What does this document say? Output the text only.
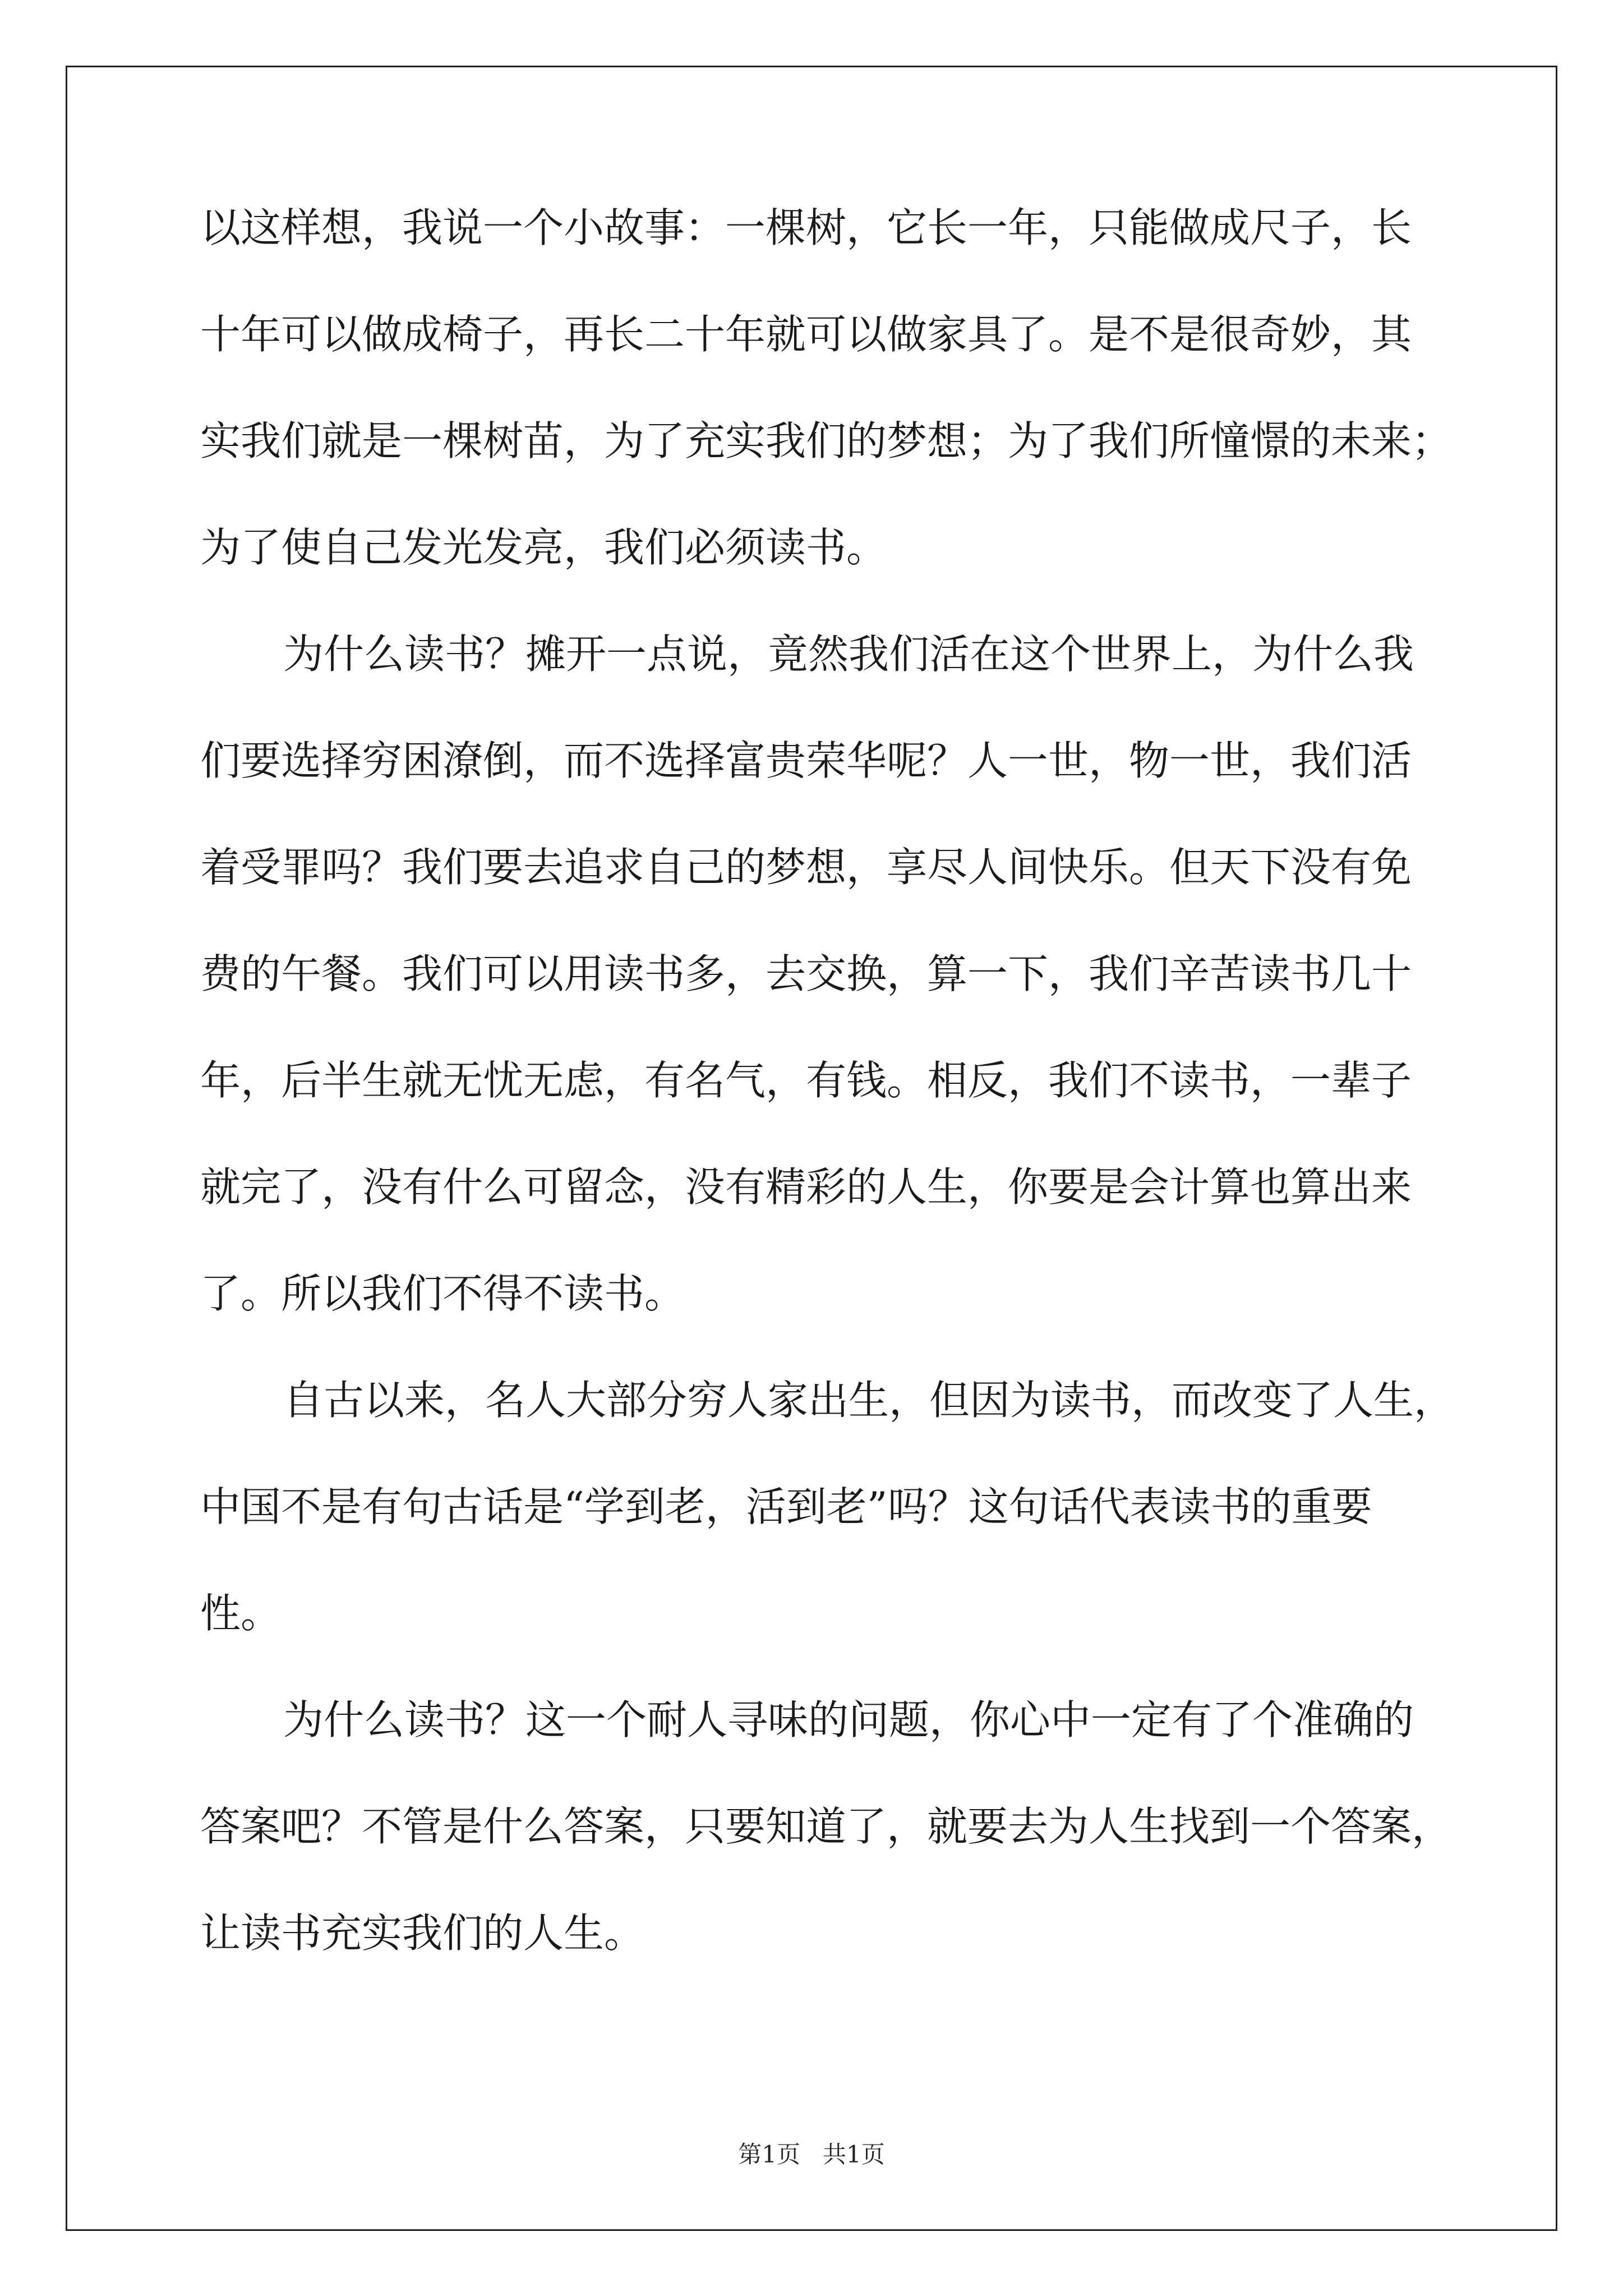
以这样想，我说一个小故事：一棵树，它长一年，只能做成尺子，长
十年可以做成椅子，再长二十年就可以做家具了。是不是很奇妙，其
实我们就是一棵树苗，为了充实我们的梦想；为了我们所憧憬的未来；
为了使自己发光发亮，我们必须读书。
为什么读书？摊开一点说，竟然我们活在这个世界上，为什么我
们要选择穷困潦倒，而不选择富贵荣华呢？人一世，物一世，我们活
着受罪吗？我们要去追求自己的梦想，享尽人间快乐。但天下没有免
费的午餐。我们可以用读书多，去交换，算一下，我们辛苦读书几十
年，后半生就无忧无虑，有名气，有钱。相反，我们不读书，一辈子
就完了，没有什么可留念，没有精彩的人生，你要是会计算也算出来
了。所以我们不得不读书。
自古以来，名人大部分穷人家出生，但因为读书，而改变了人生，
中国不是有句古话是“学到老，活到老”吗？这句话代表读书的重要
性。
为什么读书？这一个耐人寻味的问题，你心中一定有了个准确的
答案吧？不管是什么答案，只要知道了，就要去为人生找到一个答案，
让读书充实我们的人生。
第1页   共1页
